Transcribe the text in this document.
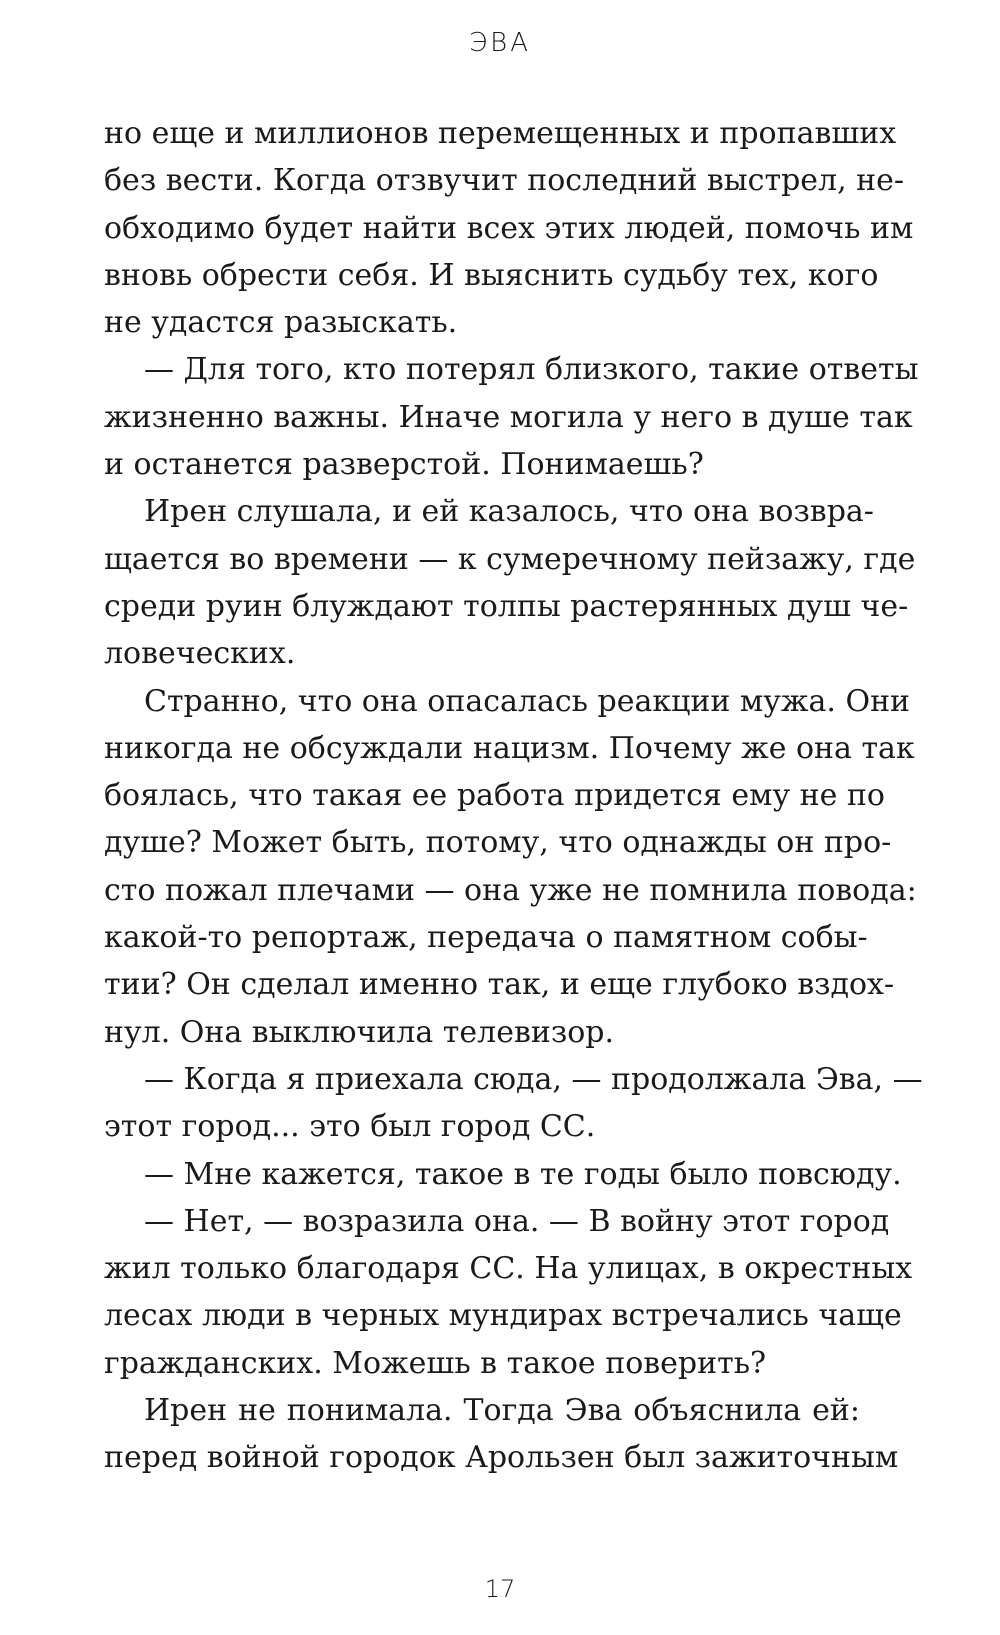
ЭВА
но еще и миллионов перемещенных и пропавших
без вести. Когда отзвучит последний выстрел, не-
обходимо будет найти всех этих людей, помочь им
вновь обрести себя. И выяснить судьбу тех, кого
не удастся разыскать.
— Для того, кто потерял близкого, такие ответы
жизненно важны. Иначе могила у него в душе так
и останется разверстой. Понимаешь?
Ирен слушала, и ей казалось, что она возвра-
щается во времени — к сумеречному пейзажу, где
среди руин блуждают толпы растерянных душ че-
ловеческих.
Странно, что она опасалась реакции мужа. Они
никогда не обсуждали нацизм. Почему же она так
боялась, что такая ее работа придется ему не по
душе? Может быть, потому, что однажды он про-
сто пожал плечами — она уже не помнила повода:
какой-то репортаж, передача о памятном собы-
тии? Он сделал именно так, и еще глубоко вздох-
нул. Она выключила телевизор.
— Когда я приехала сюда, — продолжала Эва, —
этот город... это был город СС.
— Мне кажется, такое в те годы было повсюду.
— Нет, — возразила она. — В войну этот город
жил только благодаря СС. На улицах, в окрестных
лесах люди в черных мундирах встречались чаще
гражданских. Можешь в такое поверить?
Ирен не понимала. Тогда Эва объяснила ей:
перед войной городок Арользен был зажиточным
17
